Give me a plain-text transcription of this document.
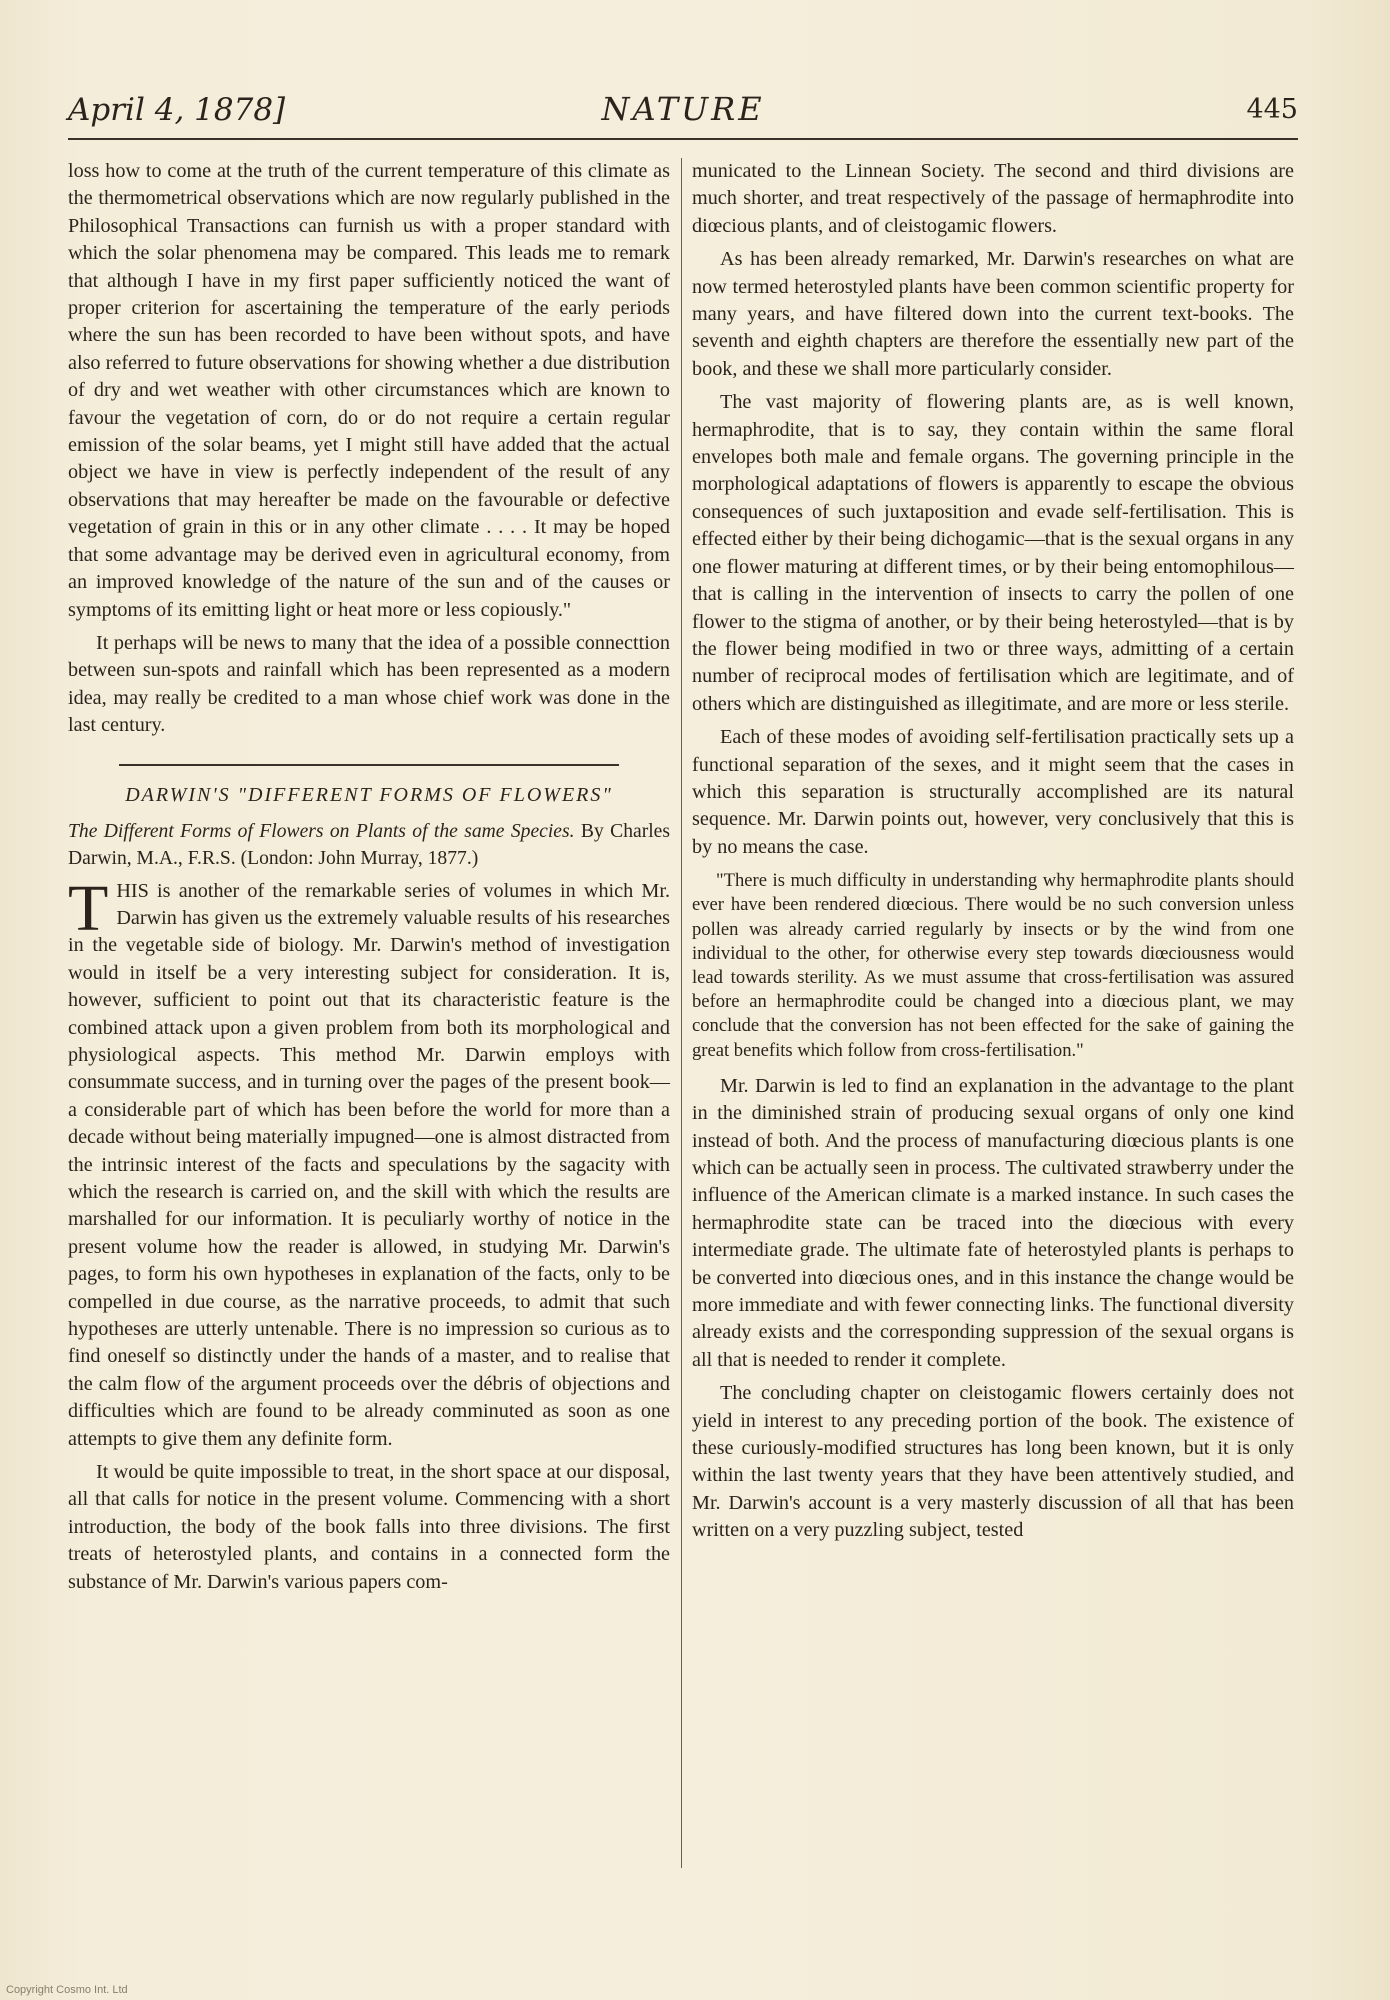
April 4, 1878]	NATURE	445

loss how to come at the truth of the current temperature of this climate as the thermometrical observations which are now regularly published in the Philosophical Transactions can furnish us with a proper standard with which the solar phenomena may be compared. This leads me to remark that although I have in my first paper sufficiently noticed the want of proper criterion for ascertaining the temperature of the early periods where the sun has been recorded to have been without spots, and have also referred to future observations for showing whether a due distribution of dry and wet weather with other circumstances which are known to favour the vegetation of corn, do or do not require a certain regular emission of the solar beams, yet I might still have added that the actual object we have in view is perfectly independent of the result of any observations that may hereafter be made on the favourable or defective vegetation of grain in this or in any other climate . . . . It may be hoped that some advantage may be derived even in agricultural economy, from an improved knowledge of the nature of the sun and of the causes or symptoms of its emitting light or heat more or less copiously."

It perhaps will be news to many that the idea of a possible connecttion between sun-spots and rainfall which has been represented as a modern idea, may really be credited to a man whose chief work was done in the last century.

DARWIN'S "DIFFERENT FORMS OF FLOWERS"

The Different Forms of Flowers on Plants of the same Species. By Charles Darwin, M.A., F.R.S. (London: John Murray, 1877.)

THIS is another of the remarkable series of volumes in which Mr. Darwin has given us the extremely valuable results of his researches in the vegetable side of biology. Mr. Darwin's method of investigation would in itself be a very interesting subject for consideration. It is, however, sufficient to point out that its characteristic feature is the combined attack upon a given problem from both its morphological and physiological aspects. This method Mr. Darwin employs with consummate success, and in turning over the pages of the present book—a considerable part of which has been before the world for more than a decade without being materially impugned—one is almost distracted from the intrinsic interest of the facts and speculations by the sagacity with which the research is carried on, and the skill with which the results are marshalled for our information. It is peculiarly worthy of notice in the present volume how the reader is allowed, in studying Mr. Darwin's pages, to form his own hypotheses in explanation of the facts, only to be compelled in due course, as the narrative proceeds, to admit that such hypotheses are utterly untenable. There is no impression so curious as to find oneself so distinctly under the hands of a master, and to realise that the calm flow of the argument proceeds over the débris of objections and difficulties which are found to be already comminuted as soon as one attempts to give them any definite form.

It would be quite impossible to treat, in the short space at our disposal, all that calls for notice in the present volume. Commencing with a short introduction, the body of the book falls into three divisions. The first treats of heterostyled plants, and contains in a connected form the substance of Mr. Darwin's various papers com-

municated to the Linnean Society. The second and third divisions are much shorter, and treat respectively of the passage of hermaphrodite into diœcious plants, and of cleistogamic flowers.

As has been already remarked, Mr. Darwin's researches on what are now termed heterostyled plants have been common scientific property for many years, and have filtered down into the current text-books. The seventh and eighth chapters are therefore the essentially new part of the book, and these we shall more particularly consider.

The vast majority of flowering plants are, as is well known, hermaphrodite, that is to say, they contain within the same floral envelopes both male and female organs. The governing principle in the morphological adaptations of flowers is apparently to escape the obvious consequences of such juxtaposition and evade self-fertilisation. This is effected either by their being dichogamic—that is the sexual organs in any one flower maturing at different times, or by their being entomophilous—that is calling in the intervention of insects to carry the pollen of one flower to the stigma of another, or by their being heterostyled—that is by the flower being modified in two or three ways, admitting of a certain number of reciprocal modes of fertilisation which are legitimate, and of others which are distinguished as illegitimate, and are more or less sterile.

Each of these modes of avoiding self-fertilisation practically sets up a functional separation of the sexes, and it might seem that the cases in which this separation is structurally accomplished are its natural sequence. Mr. Darwin points out, however, very conclusively that this is by no means the case.

"There is much difficulty in understanding why hermaphrodite plants should ever have been rendered diœcious. There would be no such conversion unless pollen was already carried regularly by insects or by the wind from one individual to the other, for otherwise every step towards diœciousness would lead towards sterility. As we must assume that cross-fertilisation was assured before an hermaphrodite could be changed into a diœcious plant, we may conclude that the conversion has not been effected for the sake of gaining the great benefits which follow from cross-fertilisation."

Mr. Darwin is led to find an explanation in the advantage to the plant in the diminished strain of producing sexual organs of only one kind instead of both. And the process of manufacturing diœcious plants is one which can be actually seen in process. The cultivated strawberry under the influence of the American climate is a marked instance. In such cases the hermaphrodite state can be traced into the diœcious with every intermediate grade. The ultimate fate of heterostyled plants is perhaps to be converted into diœcious ones, and in this instance the change would be more immediate and with fewer connecting links. The functional diversity already exists and the corresponding suppression of the sexual organs is all that is needed to render it complete.

The concluding chapter on cleistogamic flowers certainly does not yield in interest to any preceding portion of the book. The existence of these curiously-modified structures has long been known, but it is only within the last twenty years that they have been attentively studied, and Mr. Darwin's account is a very masterly discussion of all that has been written on a very puzzling subject, tested

Copyright Cosmo Int. Ltd
